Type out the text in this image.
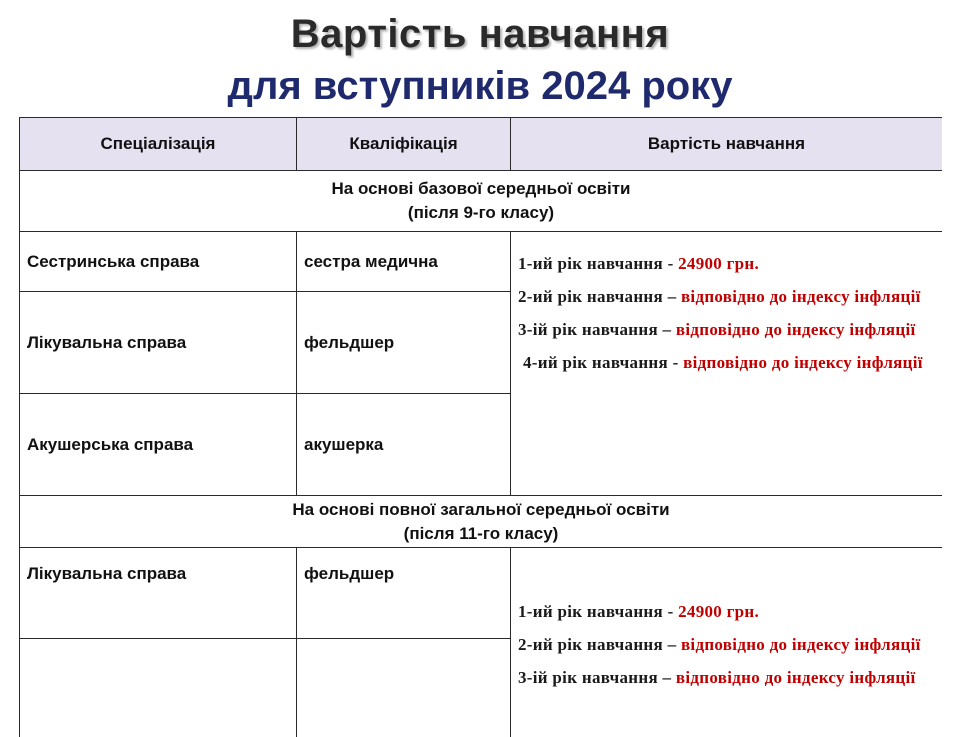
Вартість навчання
для вступників 2024 року
Спеціалізація	Кваліфікація	Вартість навчання

На основі базової середньої освіти
(після 9-го класу)		

Сестринська справа	сестра медична	1-ий рік навчання - 24900 грн.

2-ий рік навчання – відповідно до індексу інфляції

3-ій рік навчання – відповідно до індексу інфляції

4-ий рік навчання - відповідно до індексу інфляції

Лікувальна справа	фельдшер	
Акушерська справа	акушерка	

На основі повної загальної середньої освіти
(після 11-го класу)		

Лікувальна справа	фельдшер	1-ий рік навчання - 24900 грн.

2-ий рік навчання – відповідно до індексу інфляції

3-ій рік навчання – відповідно до індексу інфляції
